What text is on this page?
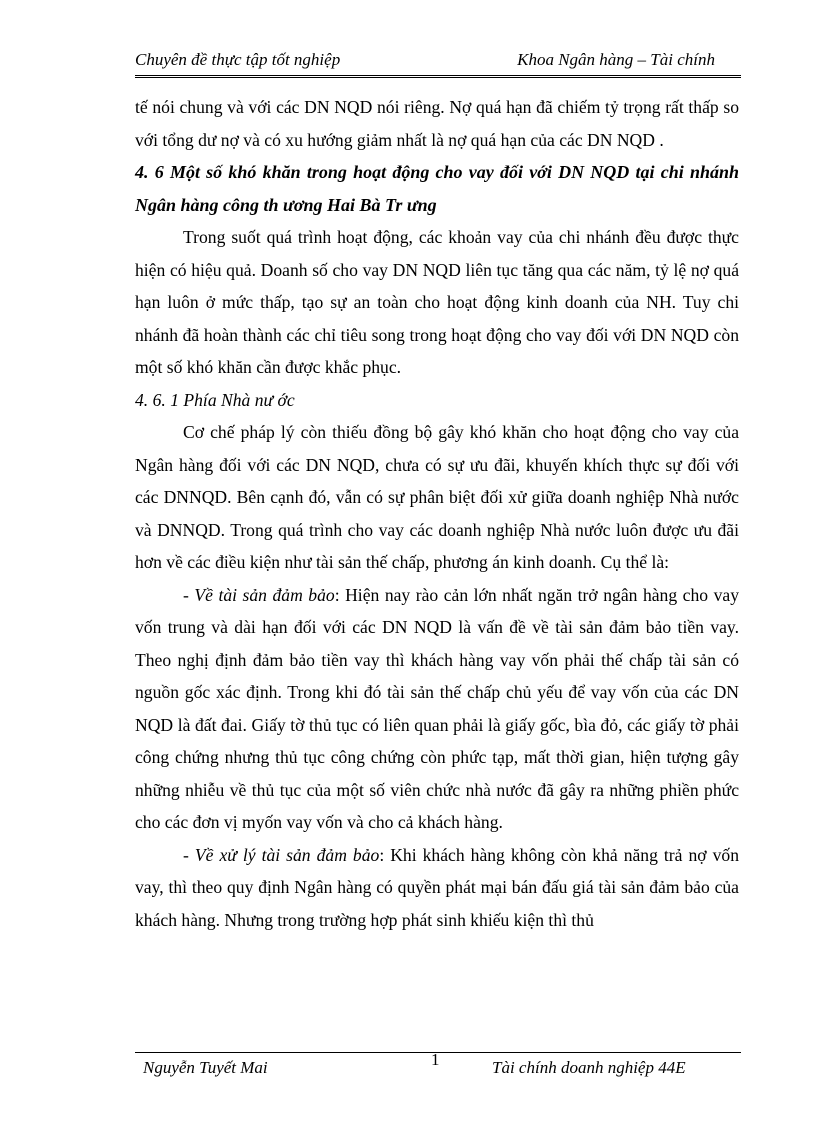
Chuyên đề thực tập tốt nghiệp	Khoa Ngân hàng – Tài chính

tế nói chung và với các DN NQD nói riêng. Nợ quá hạn đã chiếm tỷ trọng rất thấp so với tổng dư nợ và có xu hướng giảm nhất là nợ quá hạn của các DN NQD .

4. 6 Một số khó khăn trong hoạt động cho vay đối với DN NQD tại chi nhánh Ngân hàng công th ương Hai Bà Tr ưng

Trong suốt quá trình hoạt động, các khoản vay của chi nhánh đều được thực hiện có hiệu quả. Doanh số cho vay DN NQD liên tục tăng qua các năm, tỷ lệ nợ quá hạn luôn ở mức thấp, tạo sự an toàn cho hoạt động kinh doanh của NH. Tuy chi nhánh đã hoàn thành các chỉ tiêu song trong hoạt động cho vay đối với DN NQD còn một số khó khăn cần được khắc phục.

4. 6. 1 Phía Nhà nư ớc

Cơ chế pháp lý còn thiếu đồng bộ gây khó khăn cho hoạt động cho vay của Ngân hàng đối với các DN NQD, chưa có sự ưu đãi, khuyến khích thực sự đối với các DNNQD. Bên cạnh đó, vẫn có sự phân biệt đối xử giữa doanh nghiệp Nhà nước và DNNQD. Trong quá trình cho vay các doanh nghiệp Nhà nước luôn được ưu đãi hơn về các điều kiện như tài sản thế chấp, phương án kinh doanh. Cụ thể là:

- Về tài sản đảm bảo: Hiện nay rào cản lớn nhất ngăn trở ngân hàng cho vay vốn trung và dài hạn đối với các DN NQD là vấn đề về tài sản đảm bảo tiền vay. Theo nghị định đảm bảo tiền vay thì khách hàng vay vốn phải thế chấp tài sản có nguồn gốc xác định. Trong khi đó tài sản thế chấp chủ yếu để vay vốn của các DN NQD là đất đai. Giấy tờ thủ tục có liên quan phải là giấy gốc, bìa đỏ, các giấy tờ phải công chứng nhưng thủ tục công chứng còn phức tạp, mất thời gian, hiện tượng gây những nhiễu về thủ tục của một số viên chức nhà nước đã gây ra những phiền phức cho các đơn vị myốn vay vốn và cho cả khách hàng.

- Về xử lý tài sản đảm bảo: Khi khách hàng không còn khả năng trả nợ vốn vay, thì theo quy định Ngân hàng có quyền phát mại bán đấu giá tài sản đảm bảo của khách hàng. Nhưng trong trường hợp phát sinh khiếu kiện thì thủ

Nguyễn Tuyết Mai	1	Tài chính doanh nghiệp 44E
